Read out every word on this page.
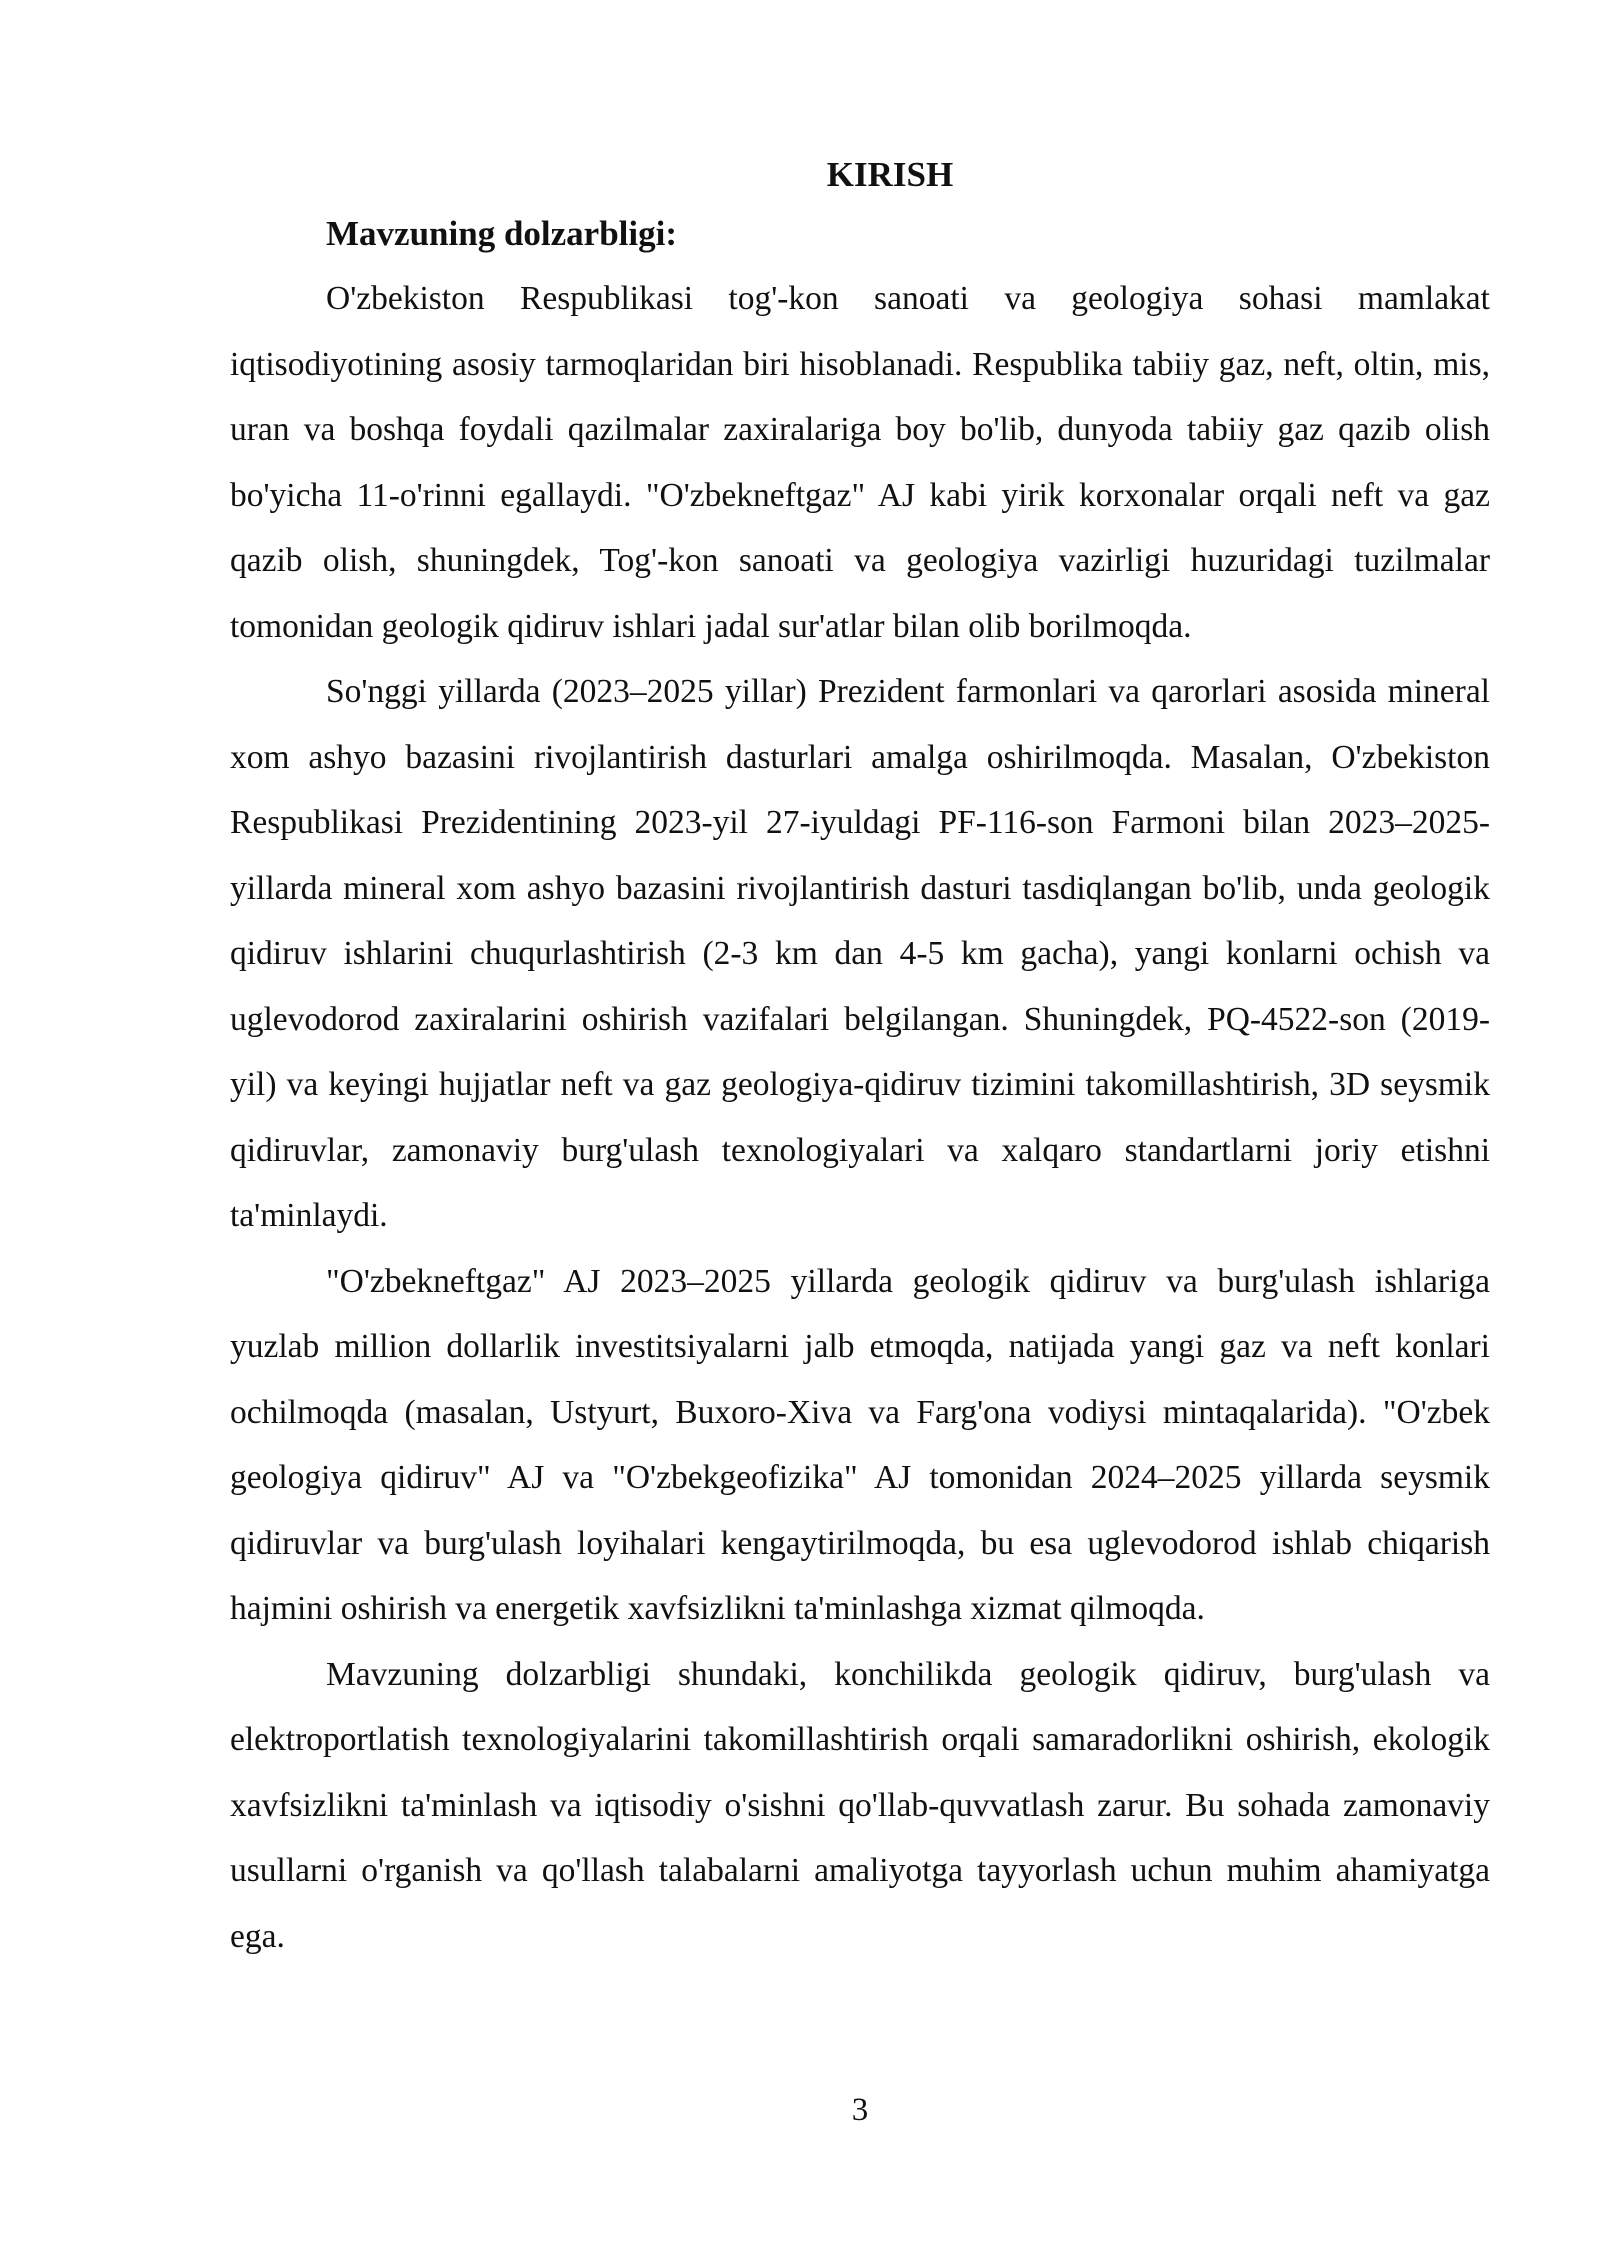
KIRISH

Mavzuning dolzarbligi:

O'zbekiston Respublikasi tog'-kon sanoati va geologiya sohasi mamlakat iqtisodiyotining asosiy tarmoqlaridan biri hisoblanadi. Respublika tabiiy gaz, neft, oltin, mis, uran va boshqa foydali qazilmalar zaxiralariga boy bo'lib, dunyoda tabiiy gaz qazib olish bo'yicha 11-o'rinni egallaydi. "O'zbekneftgaz" AJ kabi yirik korxonalar orqali neft va gaz qazib olish, shuningdek, Tog'-kon sanoati va geologiya vazirligi huzuridagi tuzilmalar tomonidan geologik qidiruv ishlari jadal sur'atlar bilan olib borilmoqda.

So'nggi yillarda (2023–2025 yillar) Prezident farmonlari va qarorlari asosida mineral xom ashyo bazasini rivojlantirish dasturlari amalga oshirilmoqda. Masalan, O'zbekiston Respublikasi Prezidentining 2023-yil 27-iyuldagi PF-116-son Farmoni bilan 2023–2025-yillarda mineral xom ashyo bazasini rivojlantirish dasturi tasdiqlangan bo'lib, unda geologik qidiruv ishlarini chuqurlashtirish (2-3 km dan 4-5 km gacha), yangi konlarni ochish va uglevodorod zaxiralarini oshirish vazifalari belgilangan. Shuningdek, PQ-4522-son (2019-yil) va keyingi hujjatlar neft va gaz geologiya-qidiruv tizimini takomillashtirish, 3D seysmik qidiruvlar, zamonaviy burg'ulash texnologiyalari va xalqaro standartlarni joriy etishni ta'minlaydi.

"O'zbekneftgaz" AJ 2023–2025 yillarda geologik qidiruv va burg'ulash ishlariga yuzlab million dollarlik investitsiyalarni jalb etmoqda, natijada yangi gaz va neft konlari ochilmoqda (masalan, Ustyurt, Buxoro-Xiva va Farg'ona vodiysi mintaqalarida). "O'zbek geologiya qidiruv" AJ va "O'zbekgeofizika" AJ tomonidan 2024–2025 yillarda seysmik qidiruvlar va burg'ulash loyihalari kengaytirilmoqda, bu esa uglevodorod ishlab chiqarish hajmini oshirish va energetik xavfsizlikni ta'minlashga xizmat qilmoqda.

Mavzuning dolzarbligi shundaki, konchilikda geologik qidiruv, burg'ulash va elektroportlatish texnologiyalarini takomillashtirish orqali samaradorlikni oshirish, ekologik xavfsizlikni ta'minlash va iqtisodiy o'sishni qo'llab-quvvatlash zarur. Bu sohada zamonaviy usullarni o'rganish va qo'llash talabalarni amaliyotga tayyorlash uchun muhim ahamiyatga ega.

3
